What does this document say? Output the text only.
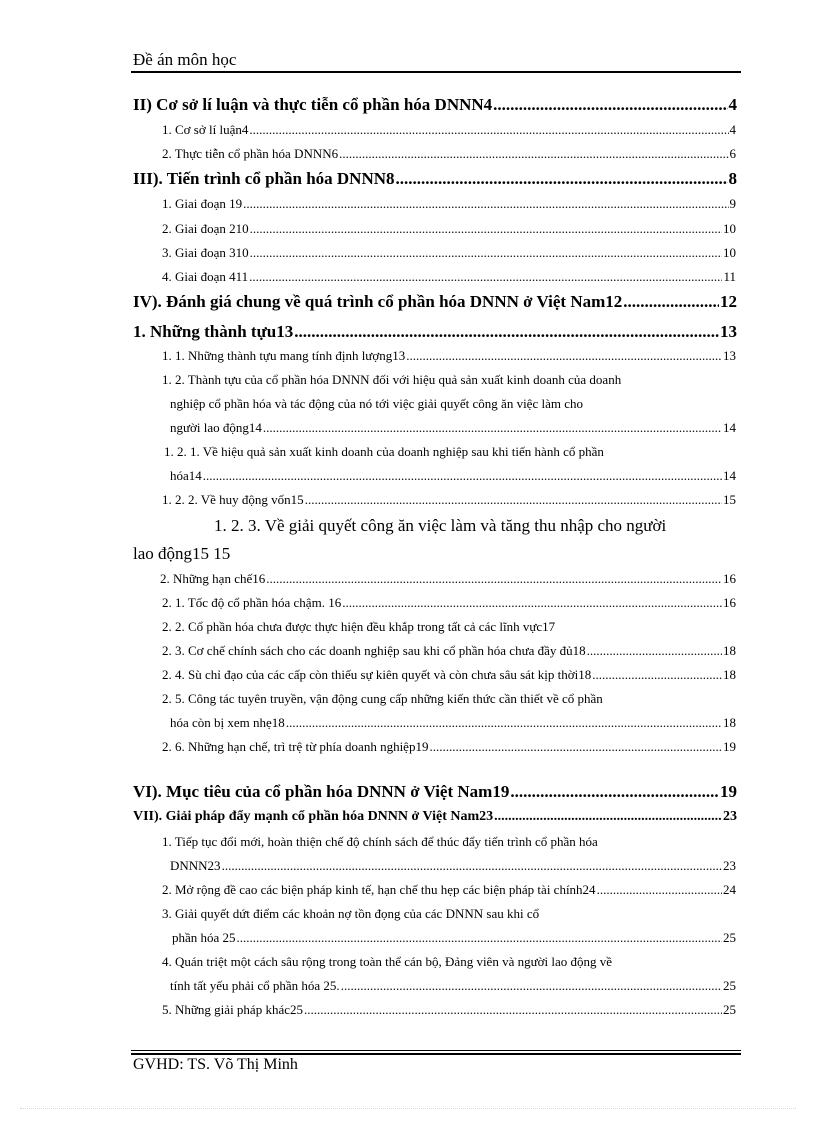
Đề án môn học
II) Cơ sở lí luận và thực tiễn cổ phần hóa DNNN4 .....	4
1. Cơ sở lí luận4 .....	4
2. Thực tiễn cổ phần hóa DNNN6 .....	6
III). Tiến trình cổ phần hóa DNNN8 .....	8
1. Giai đoạn 19 .....	9
2. Giai đoạn 210 .....	10
3. Giai đoạn 310 .....	10
4. Giai đoạn 411 .....	11
IV). Đánh giá chung về quá trình cổ phần hóa DNNN ở Việt Nam12 .....	12
1. Những thành tựu13 .....	13
1. 1. Những thành tựu mang tính định lượng13 .....	13
1. 2. Thành tựu của cổ phần hóa DNNN đối với hiệu quả sản xuất kinh doanh của doanh
nghiệp cổ phần hóa và tác động của nó tới việc giải quyết công ăn việc làm cho
người lao động14 .....	14
1. 2. 1. Về hiệu quả sản xuất kinh doanh của doanh nghiệp sau khi tiến hành cổ phần
hóa14 .....	14
1. 2. 2. Về huy động vốn15 .....	15
1. 2. 3. Về giải quyết công ăn việc làm và tăng thu nhập cho người
lao động15 15
2. Những hạn chế16 .....	16
2. 1. Tốc độ cổ phần hóa chậm. 16 .....	16
2. 2. Cổ phần hóa chưa được thực hiện đều khắp trong tất cả các lĩnh vực17
2. 3. Cơ chế chính sách cho các doanh nghiệp sau khi cổ phần hóa chưa đầy đủ18 .....	18
2. 4. Sù chỉ đạo của các cấp còn thiếu sự kiên quyết và còn chưa sâu sát kịp thời18 .....	18
2. 5. Công tác tuyên truyền, vận động cung cấp những kiến thức cần thiết về cổ phần
hóa còn bị xem nhẹ18 .....	18
2. 6. Những hạn chế, trì trệ từ phía doanh nghiệp19 .....	19
VI). Mục tiêu của cổ phần hóa DNNN ở Việt Nam19 .....	19
VII). Giải pháp đẩy mạnh cổ phần hóa DNNN ở Việt Nam23 .....	23
1. Tiếp tục đổi mới, hoàn thiện chế độ chính sách để thúc đẩy tiến trình cổ phần hóa
DNNN23 .....	23
2. Mở rộng đề cao các biện pháp kinh tế, hạn chế thu hẹp các biện pháp tài chính24 .....	24
3. Giải quyết dứt điểm các khoản nợ tồn đọng của các DNNN sau khi cổ
phần hóa 25 .....	25
4. Quán triệt một cách sâu rộng trong toàn thể cán bộ, Đảng viên và người lao động về
tính tất yếu phải cổ phần hóa 25. .....	25
5. Những giải pháp khác25 .....	25
GVHD: TS. Võ Thị Minh
